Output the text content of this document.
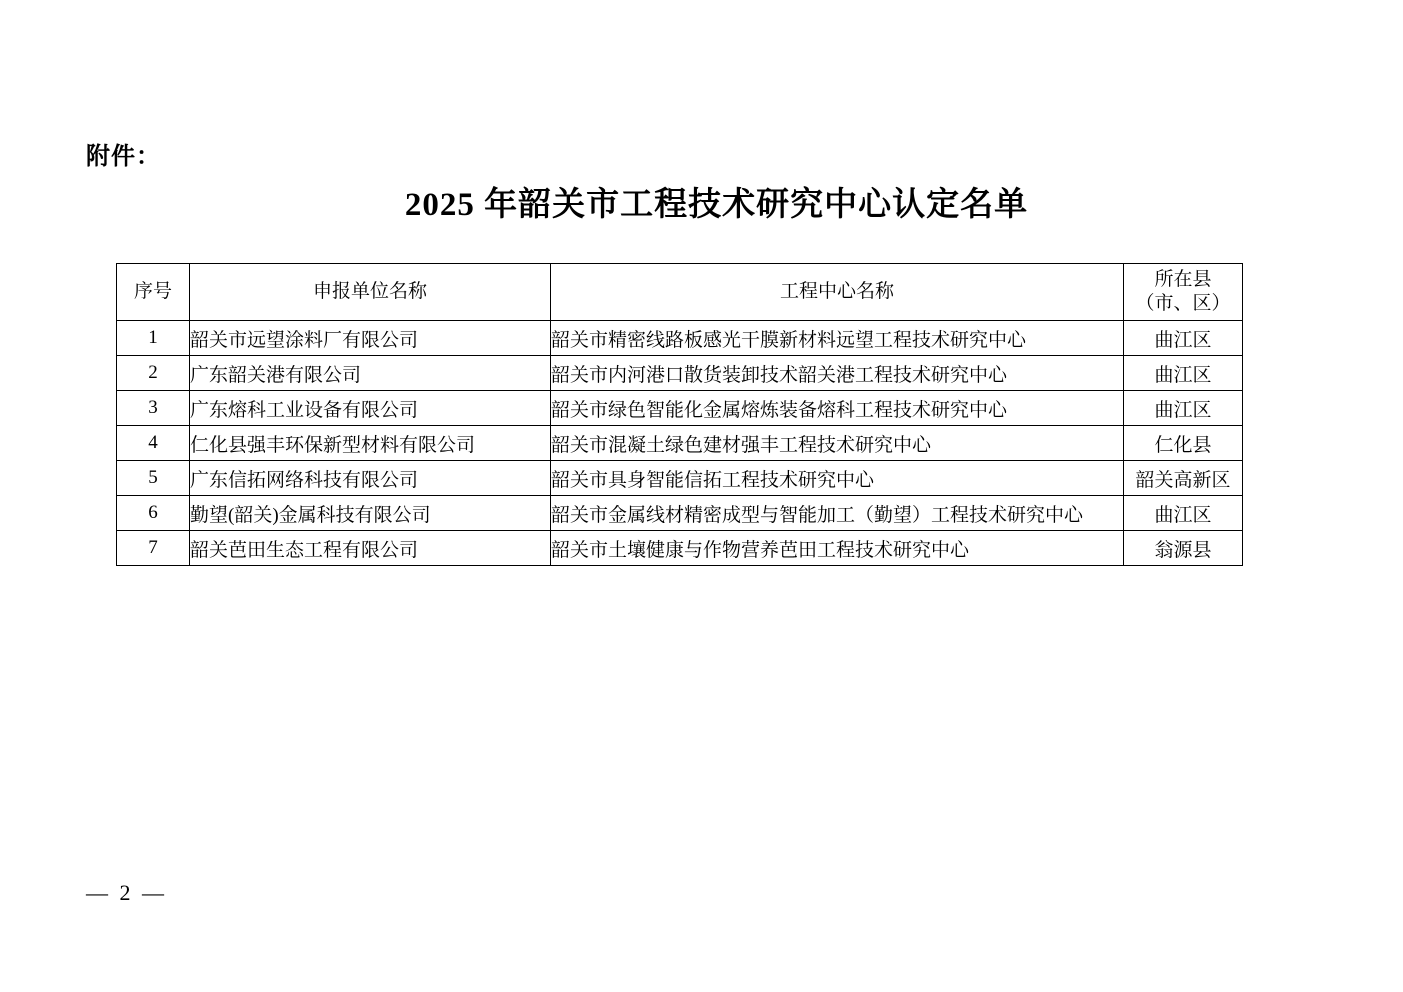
附件：
2025 年韶关市工程技术研究中心认定名单
序号	申报单位名称	工程中心名称	所在县
（市、区）

1	韶关市远望涂料厂有限公司	韶关市精密线路板感光干膜新材料远望工程技术研究中心	曲江区
2	广东韶关港有限公司	韶关市内河港口散货装卸技术韶关港工程技术研究中心	曲江区
3	广东熔科工业设备有限公司	韶关市绿色智能化金属熔炼装备熔科工程技术研究中心	曲江区
4	仁化县强丰环保新型材料有限公司	韶关市混凝土绿色建材强丰工程技术研究中心	仁化县
5	广东信拓网络科技有限公司	韶关市具身智能信拓工程技术研究中心	韶关高新区
6	勤望(韶关)金属科技有限公司	韶关市金属线材精密成型与智能加工（勤望）工程技术研究中心	曲江区
7	韶关芭田生态工程有限公司	韶关市土壤健康与作物营养芭田工程技术研究中心	翁源县
— 2 —
